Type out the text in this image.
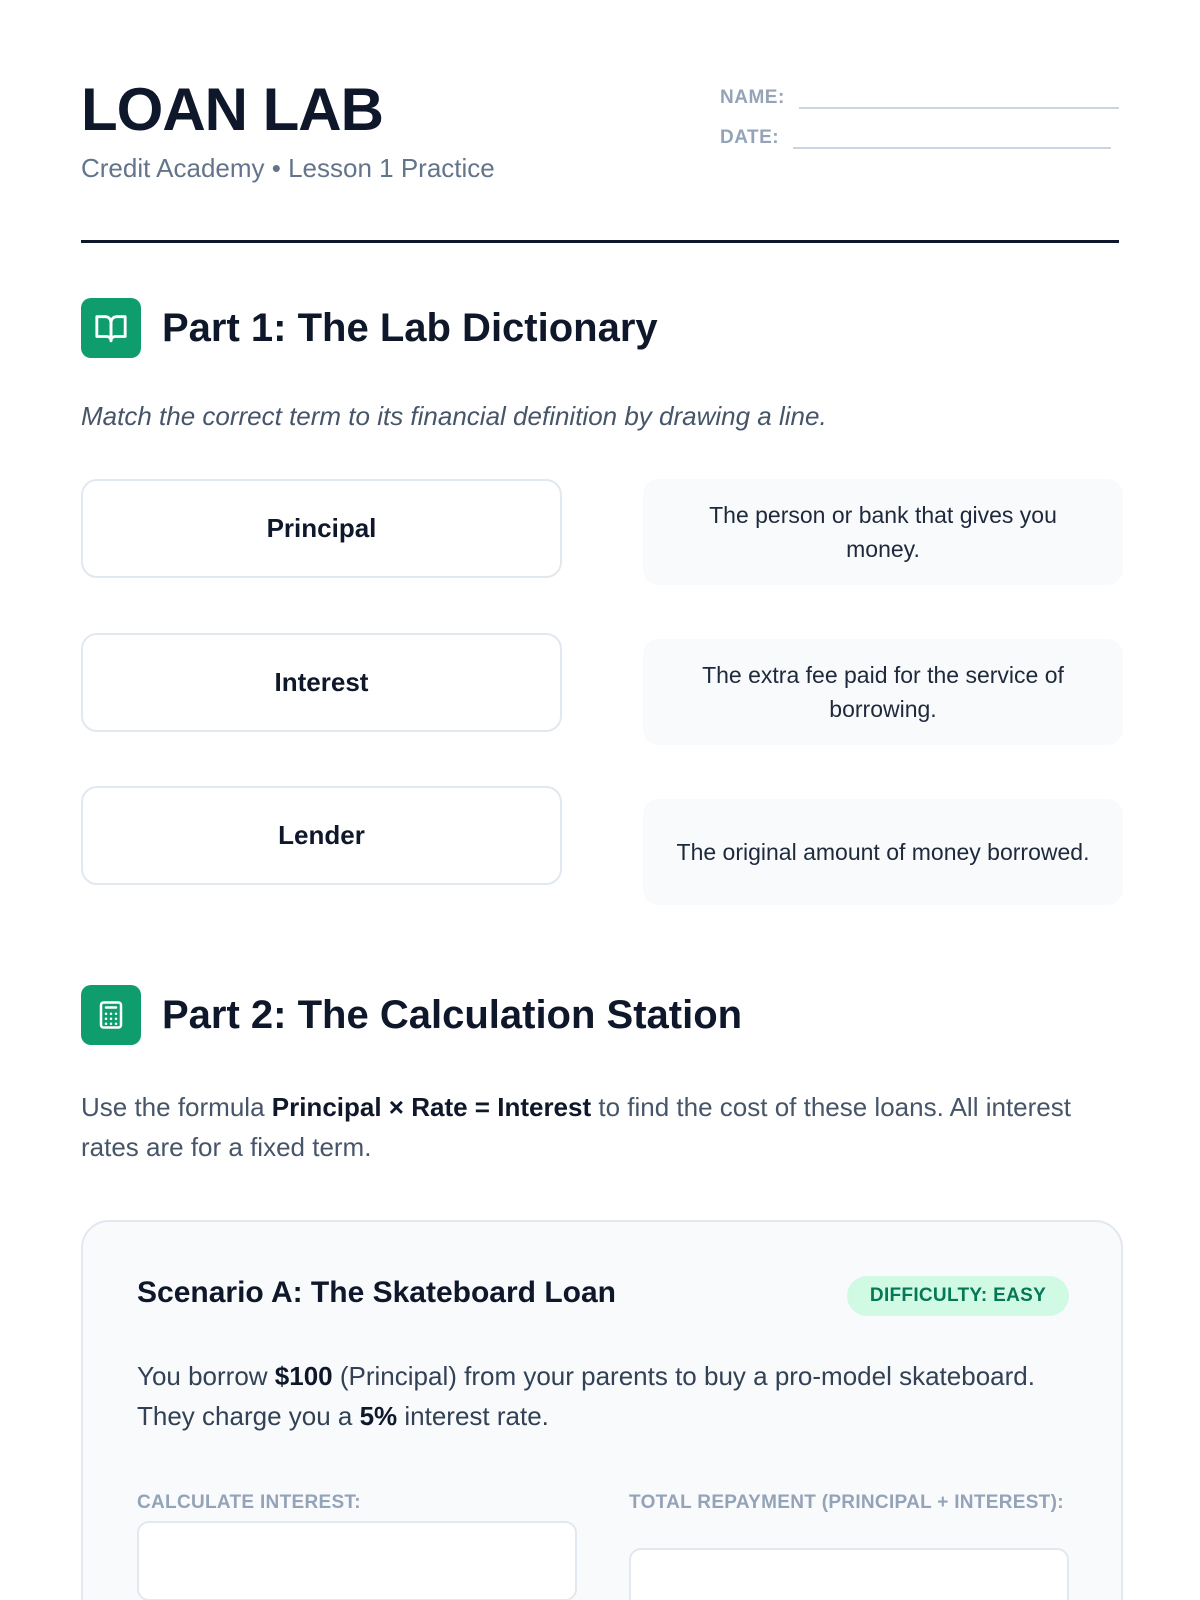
LOAN LAB
Credit Academy • Lesson 1 Practice
NAME:
DATE:
Part 1: The Lab Dictionary

Match the correct term to its financial definition by drawing a line.

Principal
Interest
Lender
The person or bank that gives you money.
The extra fee paid for the service of borrowing.
The original amount of money borrowed.
Part 2: The Calculation Station

Use the formula Principal × Rate = Interest to find the cost of these loans. All interest rates are for a fixed term.

Scenario A: The Skateboard Loan	DIFFICULTY: EASY

You borrow $100 (Principal) from your parents to buy a pro-model skateboard. They charge you a 5% interest rate.

CALCULATE INTEREST:	TOTAL REPAYMENT (PRINCIPAL + INTEREST):
